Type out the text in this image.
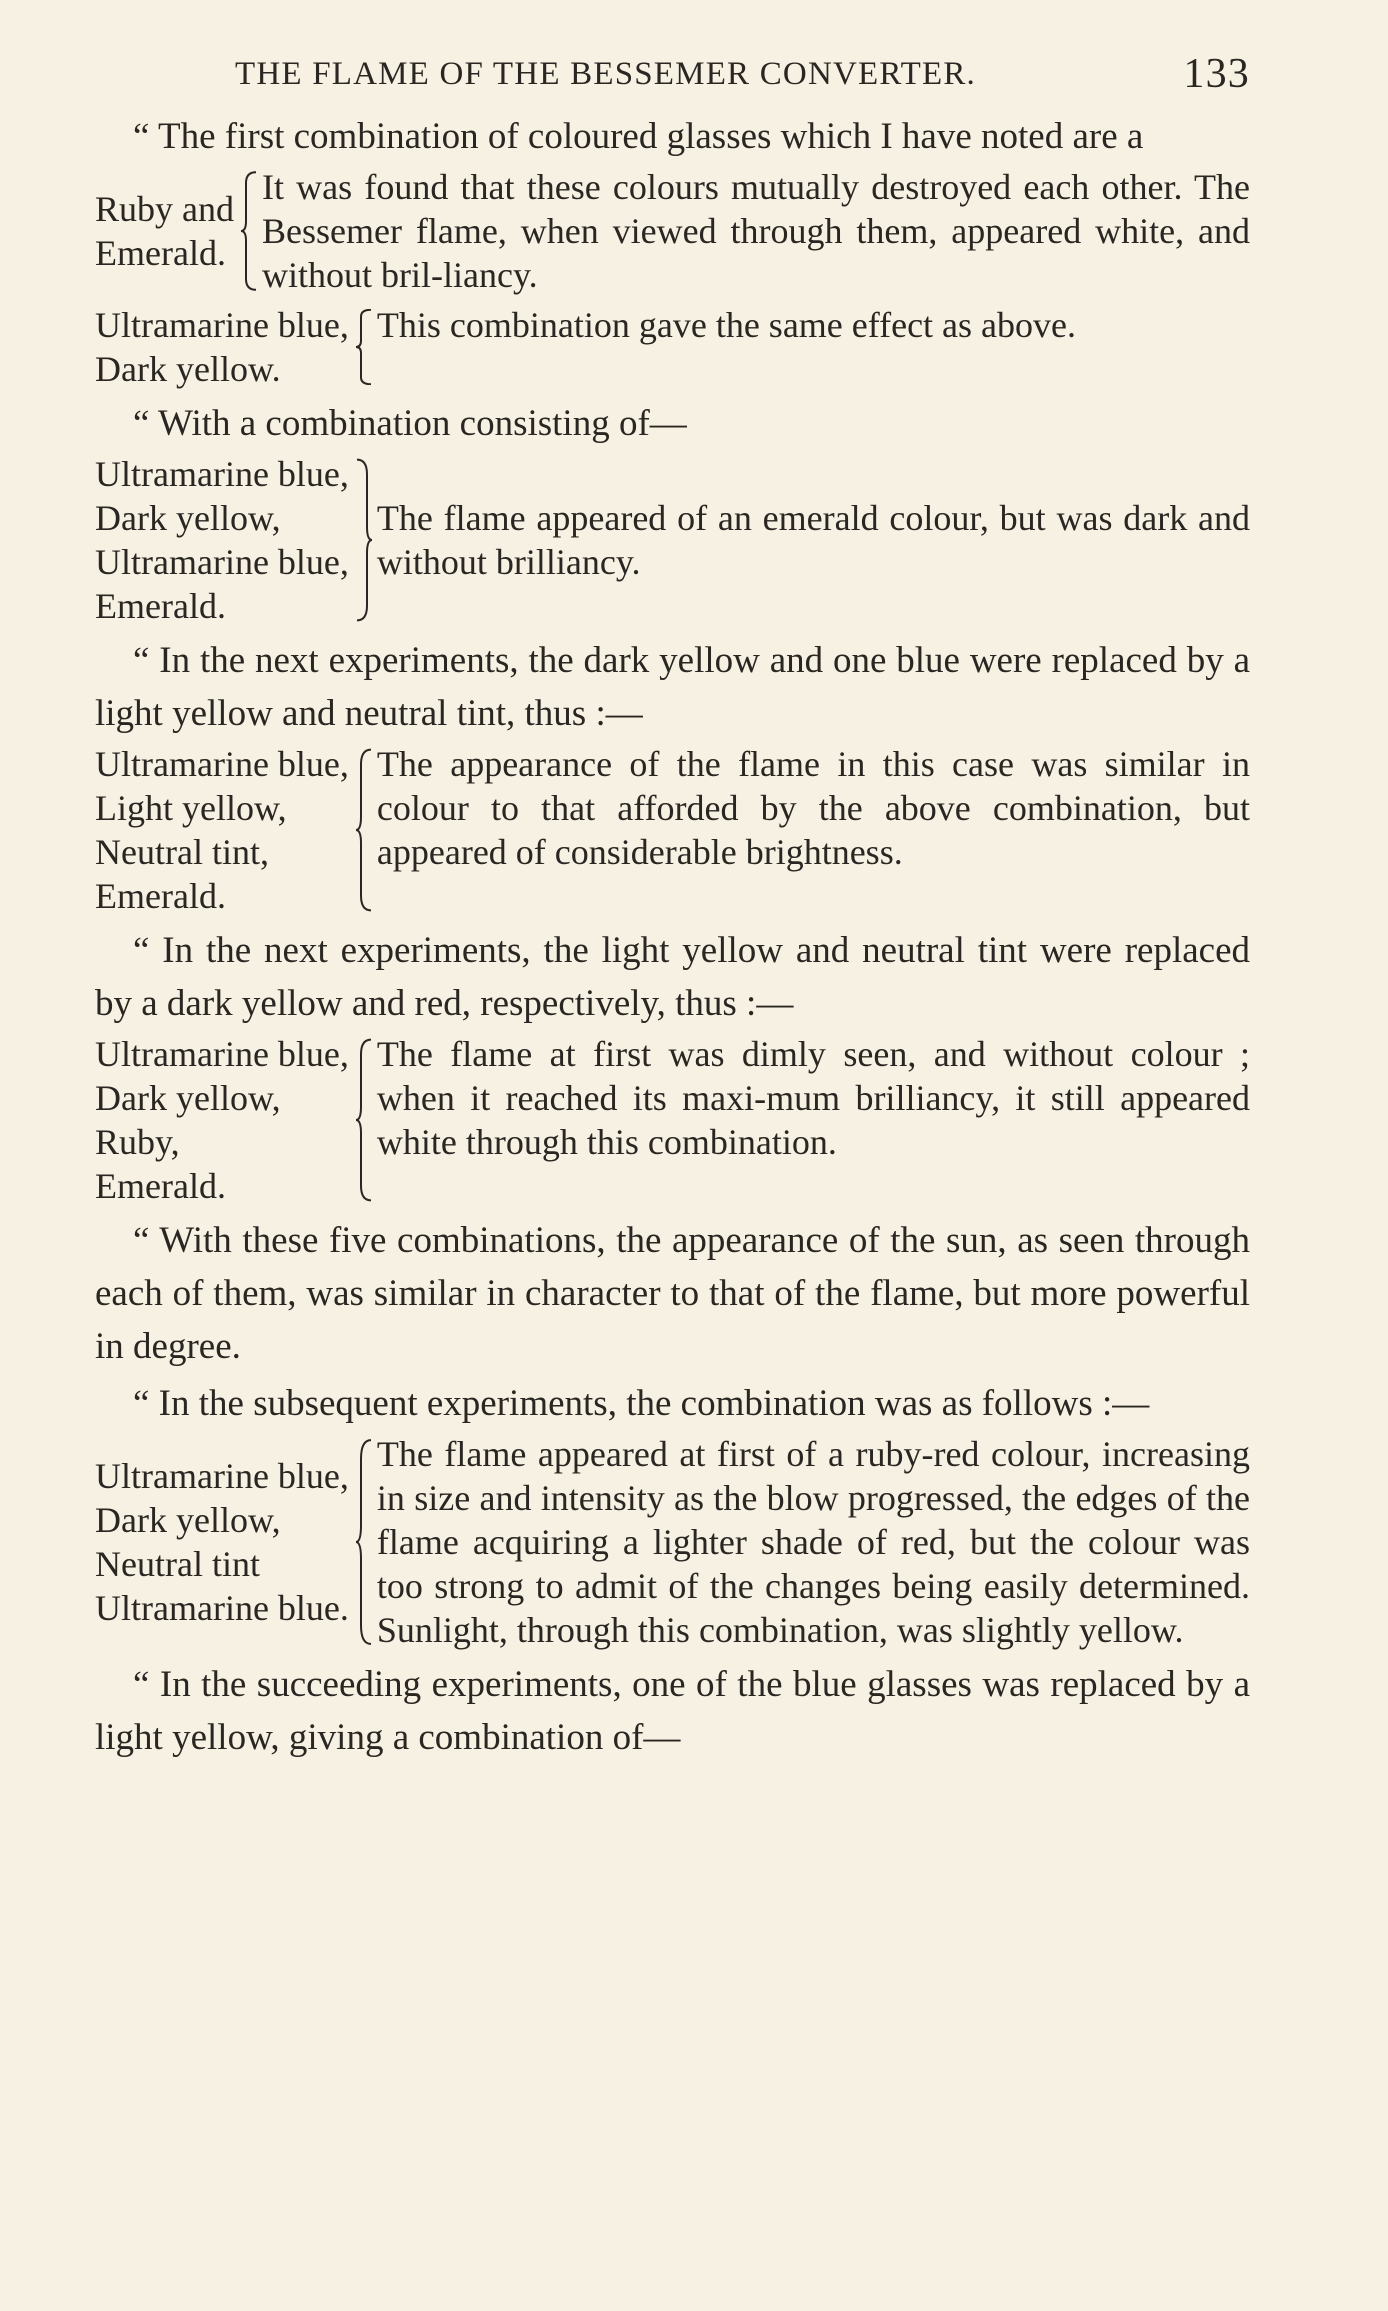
THE FLAME OF THE BESSEMER CONVERTER.	133

“ The first combination of coloured glasses which I have noted are a

Ruby and
Emerald.
It was found that these colours mutually destroyed each other. The Bessemer flame, when viewed through them, appeared white, and without bril-liancy.
Ultramarine blue,
Dark yellow.
This combination gave the same effect as above.

“ With a combination consisting of—

Ultramarine blue,
Dark yellow,
Ultramarine blue,
Emerald.
The flame appeared of an emerald colour, but was dark and without brilliancy.

“ In the next experiments, the dark yellow and one blue were replaced by a light yellow and neutral tint, thus :—

Ultramarine blue,
Light yellow,
Neutral tint,
Emerald.
The appearance of the flame in this case was similar in colour to that afforded by the above combination, but appeared of considerable brightness.

“ In the next experiments, the light yellow and neutral tint were replaced by a dark yellow and red, respectively, thus :—

Ultramarine blue,
Dark yellow,
Ruby,
Emerald.
The flame at first was dimly seen, and without colour ; when it reached its maxi-mum brilliancy, it still appeared white through this combination.

“ With these five combinations, the appearance of the sun, as seen through each of them, was similar in character to that of the flame, but more powerful in degree.

“ In the subsequent experiments, the combination was as follows :—

Ultramarine blue,
Dark yellow,
Neutral tint
Ultramarine blue.
The flame appeared at first of a ruby-red colour, increasing in size and intensity as the blow progressed, the edges of the flame acquiring a lighter shade of red, but the colour was too strong to admit of the changes being easily determined. Sunlight, through this combination, was slightly yellow.

“ In the succeeding experiments, one of the blue glasses was replaced by a light yellow, giving a combination of—
